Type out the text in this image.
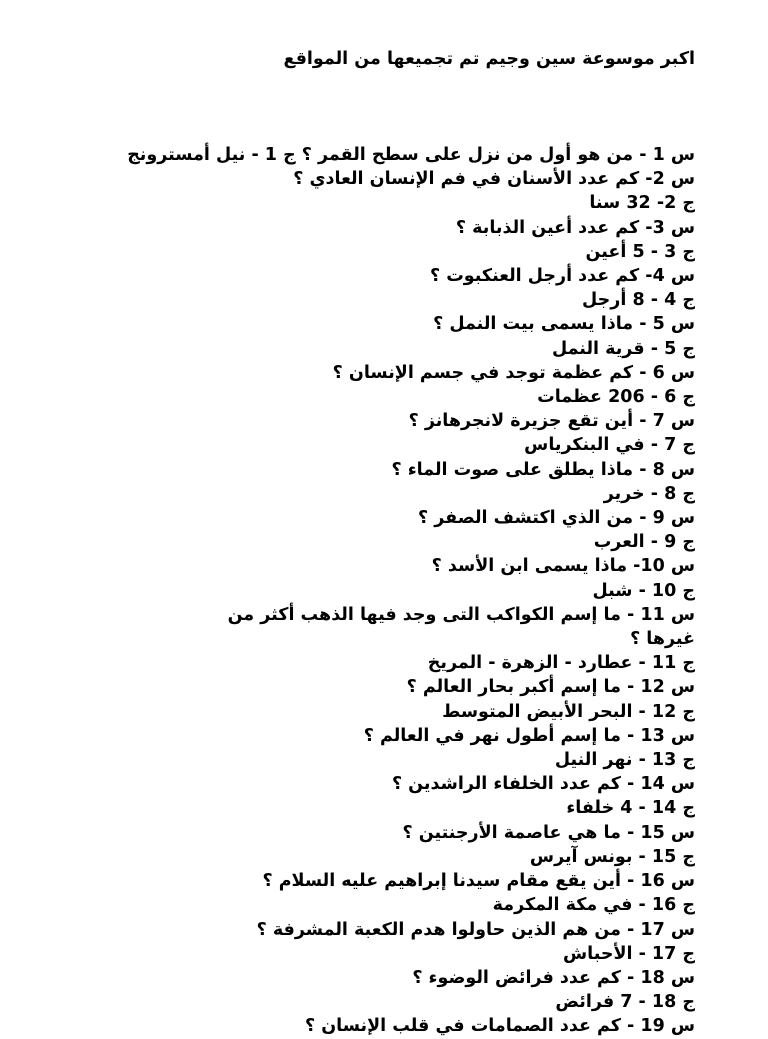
اكبر موسوعة سين وجيم تم تجميعها من المواقع
س 1 - من هو أول من نزل على سطح القمر ؟ ج 1 - نيل أمسترونج
س 2- كم عدد الأسنان في فم الإنسان العادي ؟
ج 2- 32 سنا
س 3- كم عدد أعين الذبابة ؟
ج 3 - 5 أعين
س 4- كم عدد أرجل العنكبوت ؟
ج 4 - 8 أرجل
س 5 - ماذا يسمى بيت النمل ؟
ج 5 - قرية النمل
س 6 - كم عظمة توجد في جسم الإنسان ؟
ج 6 - 206 عظمات
س 7 - أين تقع جزيرة لانجرهانز ؟
ج 7 - في البنكرياس
س 8 - ماذا يطلق على صوت الماء ؟
ج 8 - خرير
س 9 - من الذي اكتشف الصفر ؟
ج 9 - العرب
س 10- ماذا يسمى ابن الأسد ؟
ج 10 - شبل
س 11 - ما إسم الكواكب التى وجد فيها الذهب أكثر من
غيرها ؟
ج 11 - عطارد - الزهرة - المريخ
س 12 - ما إسم أكبر بحار العالم ؟
ج 12 - البحر الأبيض المتوسط
س 13 - ما إسم أطول نهر في العالم ؟
ج 13 - نهر النيل
س 14 - كم عدد الخلفاء الراشدين ؟
ج 14 - 4 خلفاء
س 15 - ما هي عاصمة الأرجنتين ؟
ج 15 - بونس آيرس
س 16 - أين يقع مقام سيدنا إبراهيم عليه السلام ؟
ج 16 - في مكة المكرمة
س 17 - من هم الذين حاولوا هدم الكعبة المشرفة ؟
ج 17 - الأحباش
س 18 - كم عدد فرائض الوضوء ؟
ج 18 - 7 فرائض
س 19 - كم عدد الصمامات في قلب الإنسان ؟
